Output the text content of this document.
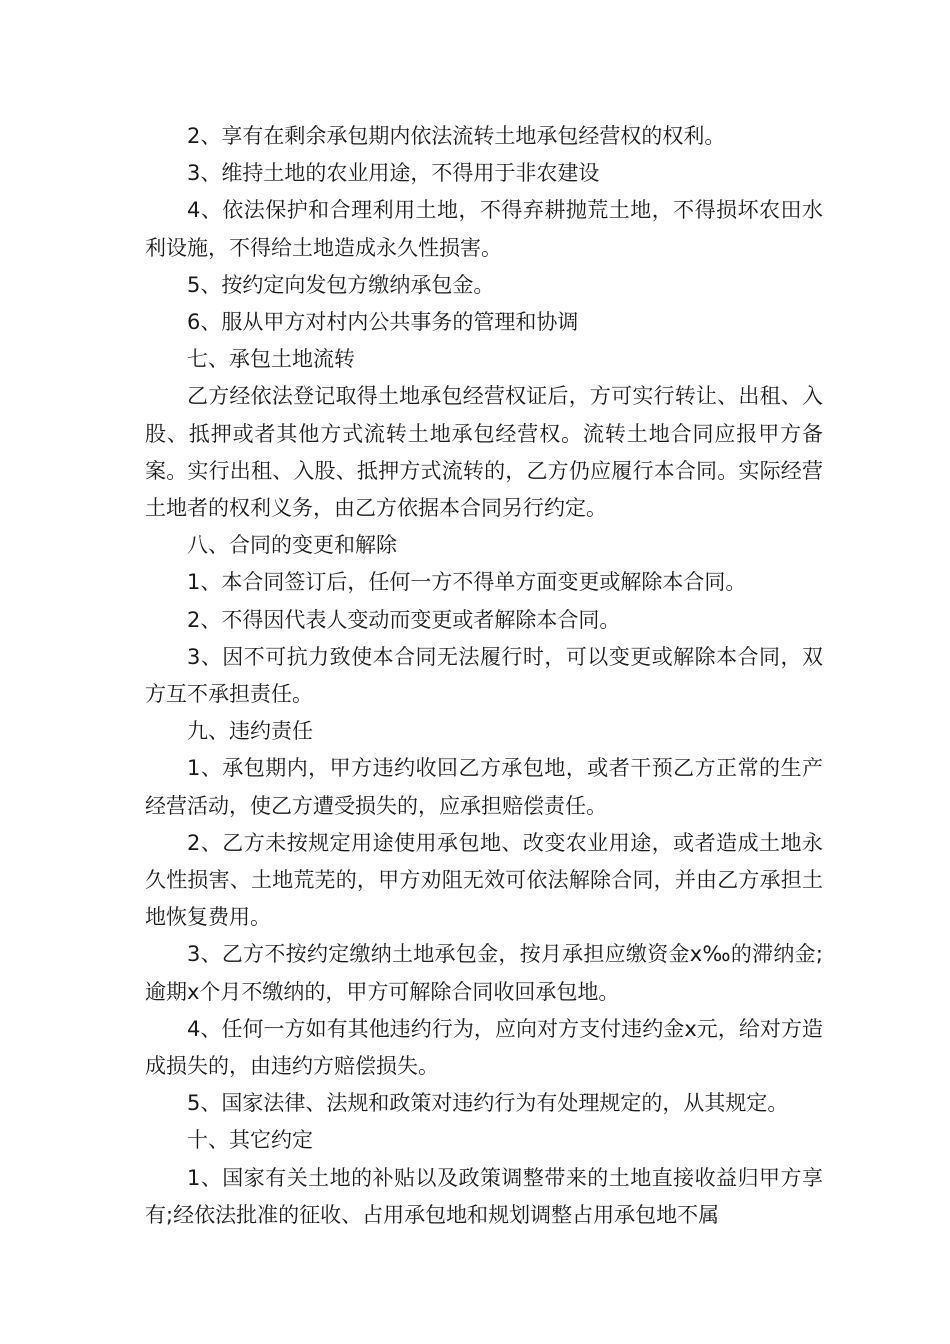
2、享有在剩余承包期内依法流转土地承包经营权的权利。

3、维持土地的农业用途，不得用于非农建设

4、依法保护和合理利用土地，不得弃耕抛荒土地，不得损坏农田水利设施，不得给土地造成永久性损害。

5、按约定向发包方缴纳承包金。

6、服从甲方对村内公共事务的管理和协调

七、承包土地流转

乙方经依法登记取得土地承包经营权证后，方可实行转让、出租、入股、抵押或者其他方式流转土地承包经营权。流转土地合同应报甲方备案。实行出租、入股、抵押方式流转的，乙方仍应履行本合同。实际经营土地者的权利义务，由乙方依据本合同另行约定。

八、合同的变更和解除

1、本合同签订后，任何一方不得单方面变更或解除本合同。

2、不得因代表人变动而变更或者解除本合同。

3、因不可抗力致使本合同无法履行时，可以变更或解除本合同，双方互不承担责任。

九、违约责任

1、承包期内，甲方违约收回乙方承包地，或者干预乙方正常的生产经营活动，使乙方遭受损失的，应承担赔偿责任。

2、乙方未按规定用途使用承包地、改变农业用途，或者造成土地永久性损害、土地荒芜的，甲方劝阻无效可依法解除合同，并由乙方承担土地恢复费用。

3、乙方不按约定缴纳土地承包金，按月承担应缴资金x‰的滞纳金;逾期x个月不缴纳的，甲方可解除合同收回承包地。

4、任何一方如有其他违约行为，应向对方支付违约金x元，给对方造成损失的，由违约方赔偿损失。

5、国家法律、法规和政策对违约行为有处理规定的，从其规定。

十、其它约定

1、国家有关土地的补贴以及政策调整带来的土地直接收益归甲方享有;经依法批准的征收、占用承包地和规划调整占用承包地不属
